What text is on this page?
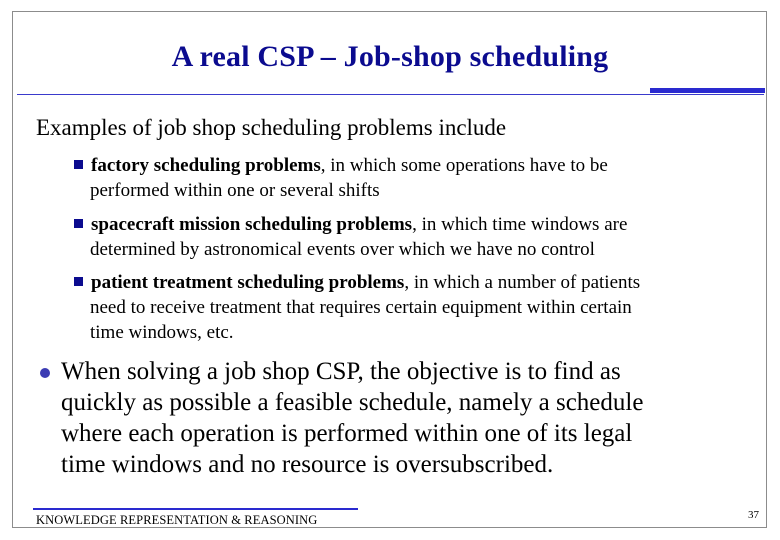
A real CSP – Job-shop scheduling
Examples of job shop scheduling problems include
factory scheduling problems, in which some operations have to be
performed within one or several shifts
spacecraft mission scheduling problems, in which time windows are
determined by astronomical events over which we have no control
patient treatment scheduling problems, in which a number of patients
need to receive treatment that requires certain equipment within certain
time windows, etc.
When solving a job shop CSP, the objective is to find as
quickly as possible a feasible schedule, namely a schedule
where each operation is performed within one of its legal
time windows and no resource is oversubscribed.
KNOWLEDGE REPRESENTATION & REASONING	37
